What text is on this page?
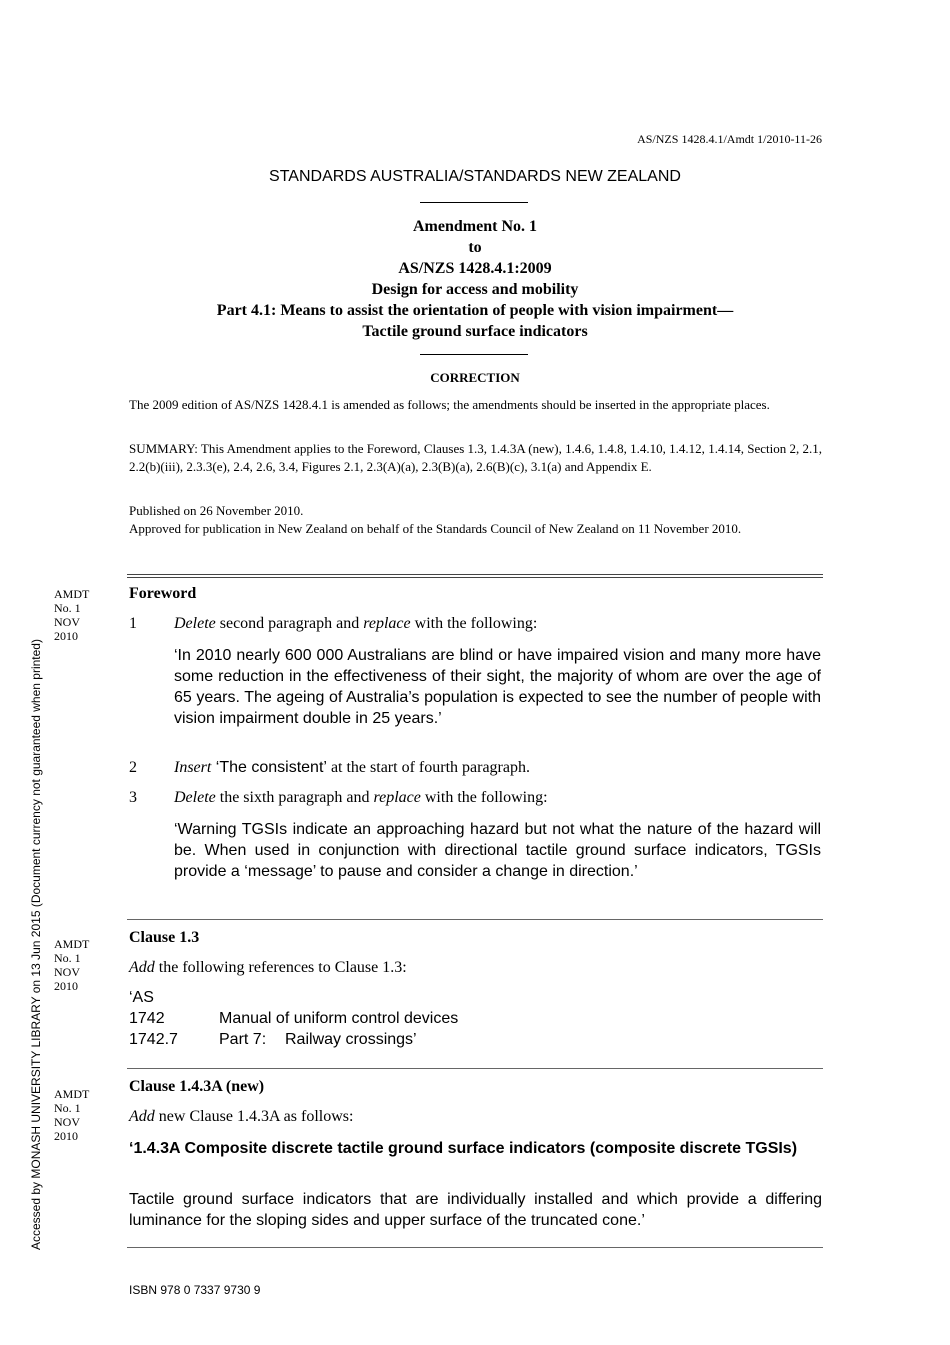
AS/NZS 1428.4.1/Amdt 1/2010-11-26
STANDARDS AUSTRALIA/STANDARDS NEW ZEALAND
Amendment No. 1
to
AS/NZS 1428.4.1:2009
Design for access and mobility
Part 4.1: Means to assist the orientation of people with vision impairment—
Tactile ground surface indicators
CORRECTION
The 2009 edition of AS/NZS 1428.4.1 is amended as follows; the amendments should be inserted in the appropriate places.
SUMMARY: This Amendment applies to the Foreword, Clauses 1.3, 1.4.3A (new), 1.4.6, 1.4.8, 1.4.10, 1.4.12, 1.4.14, Section 2, 2.1, 2.2(b)(iii), 2.3.3(e), 2.4, 2.6, 3.4, Figures 2.1, 2.3(A)(a), 2.3(B)(a), 2.6(B)(c), 3.1(a) and Appendix E.
Published on 26 November 2010.
Approved for publication in New Zealand on behalf of the Standards Council of New Zealand on 11 November 2010.
AMDT
No. 1
NOV
2010
Foreword
1 Delete second paragraph and replace with the following:
‘In 2010 nearly 600 000 Australians are blind or have impaired vision and many more have some reduction in the effectiveness of their sight, the majority of whom are over the age of 65 years. The ageing of Australia’s population is expected to see the number of people with vision impairment double in 25 years.’
2 Insert ‘The consistent’ at the start of fourth paragraph.
3 Delete the sixth paragraph and replace with the following:
‘Warning TGSIs indicate an approaching hazard but not what the nature of the hazard will be. When used in conjunction with directional tactile ground surface indicators, TGSIs provide a ‘message’ to pause and consider a change in direction.’
AMDT
No. 1
NOV
2010
Clause 1.3
Add the following references to Clause 1.3:
‘AS
1742	Manual of uniform control devices
1742.7	Part 7: Railway crossings’
AMDT
No. 1
NOV
2010
Clause 1.4.3A (new)
Add new Clause 1.4.3A as follows:
‘1.4.3A Composite discrete tactile ground surface indicators (composite discrete TGSIs)
Tactile ground surface indicators that are individually installed and which provide a differing luminance for the sloping sides and upper surface of the truncated cone.’
ISBN 978 0 7337 9730 9
Accessed by MONASH UNIVERSITY LIBRARY on 13 Jun 2015 (Document currency not guaranteed when printed)
